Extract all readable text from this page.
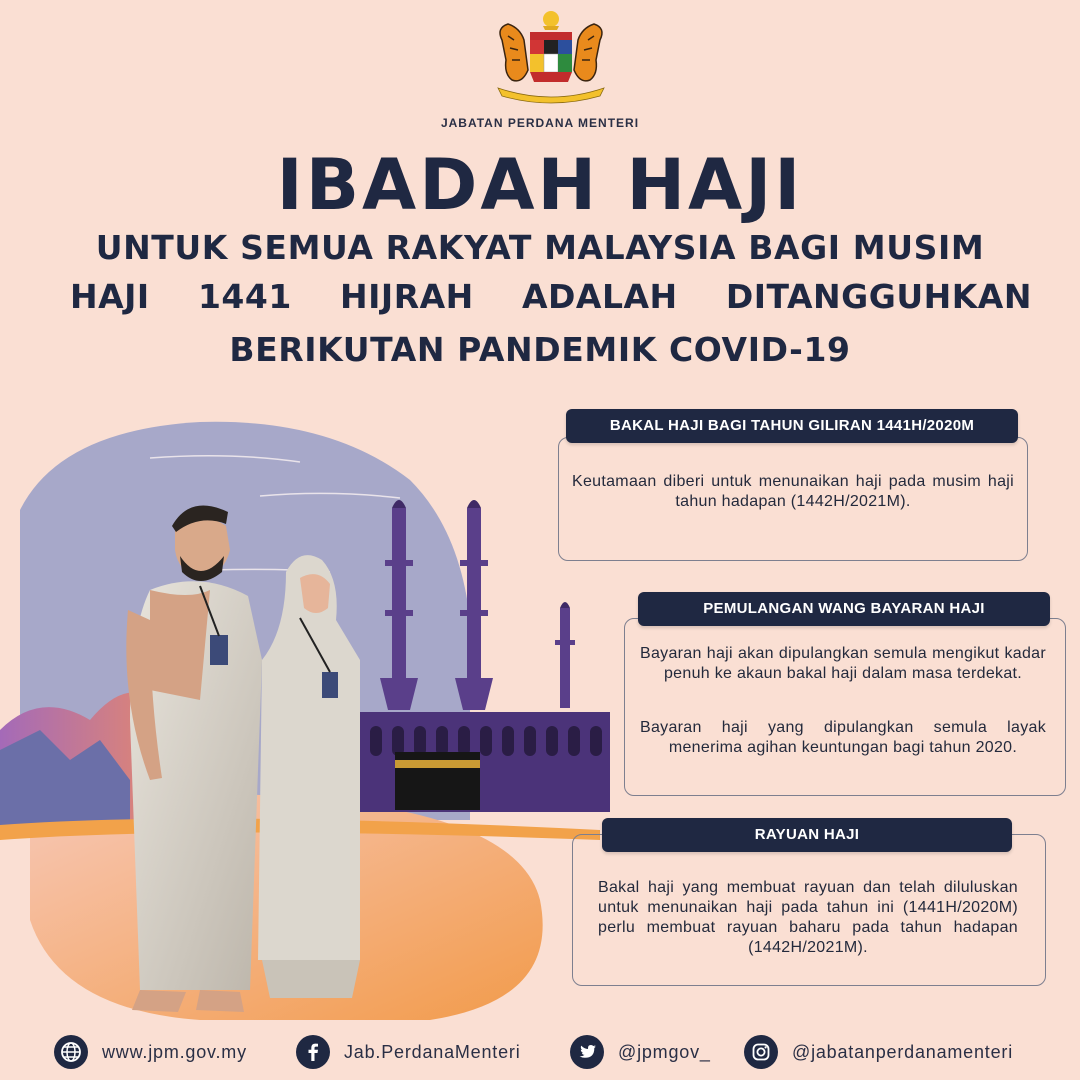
JABATAN PERDANA MENTERI
IBADAH HAJI
UNTUK SEMUA RAKYAT MALAYSIA BAGI MUSIM
HAJI 1441 HIJRAH ADALAH DITANGGUHKAN
BERIKUTAN PANDEMIK COVID-19
BAKAL HAJI BAGI TAHUN GILIRAN 1441H/2020M
Keutamaan diberi untuk menunaikan haji pada musim haji tahun hadapan (1442H/2021M).
PEMULANGAN WANG BAYARAN HAJI
Bayaran haji akan dipulangkan semula mengikut kadar penuh ke akaun bakal haji dalam masa terdekat.
Bayaran haji yang dipulangkan semula layak menerima agihan keuntungan bagi tahun 2020.
RAYUAN HAJI
Bakal haji yang membuat rayuan dan telah diluluskan untuk menunaikan haji pada tahun ini (1441H/2020M) perlu membuat rayuan baharu pada tahun hadapan (1442H/2021M).
www.jpm.gov.my	Jab.PerdanaMenteri	@jpmgov_	@jabatanperdanamenteri
